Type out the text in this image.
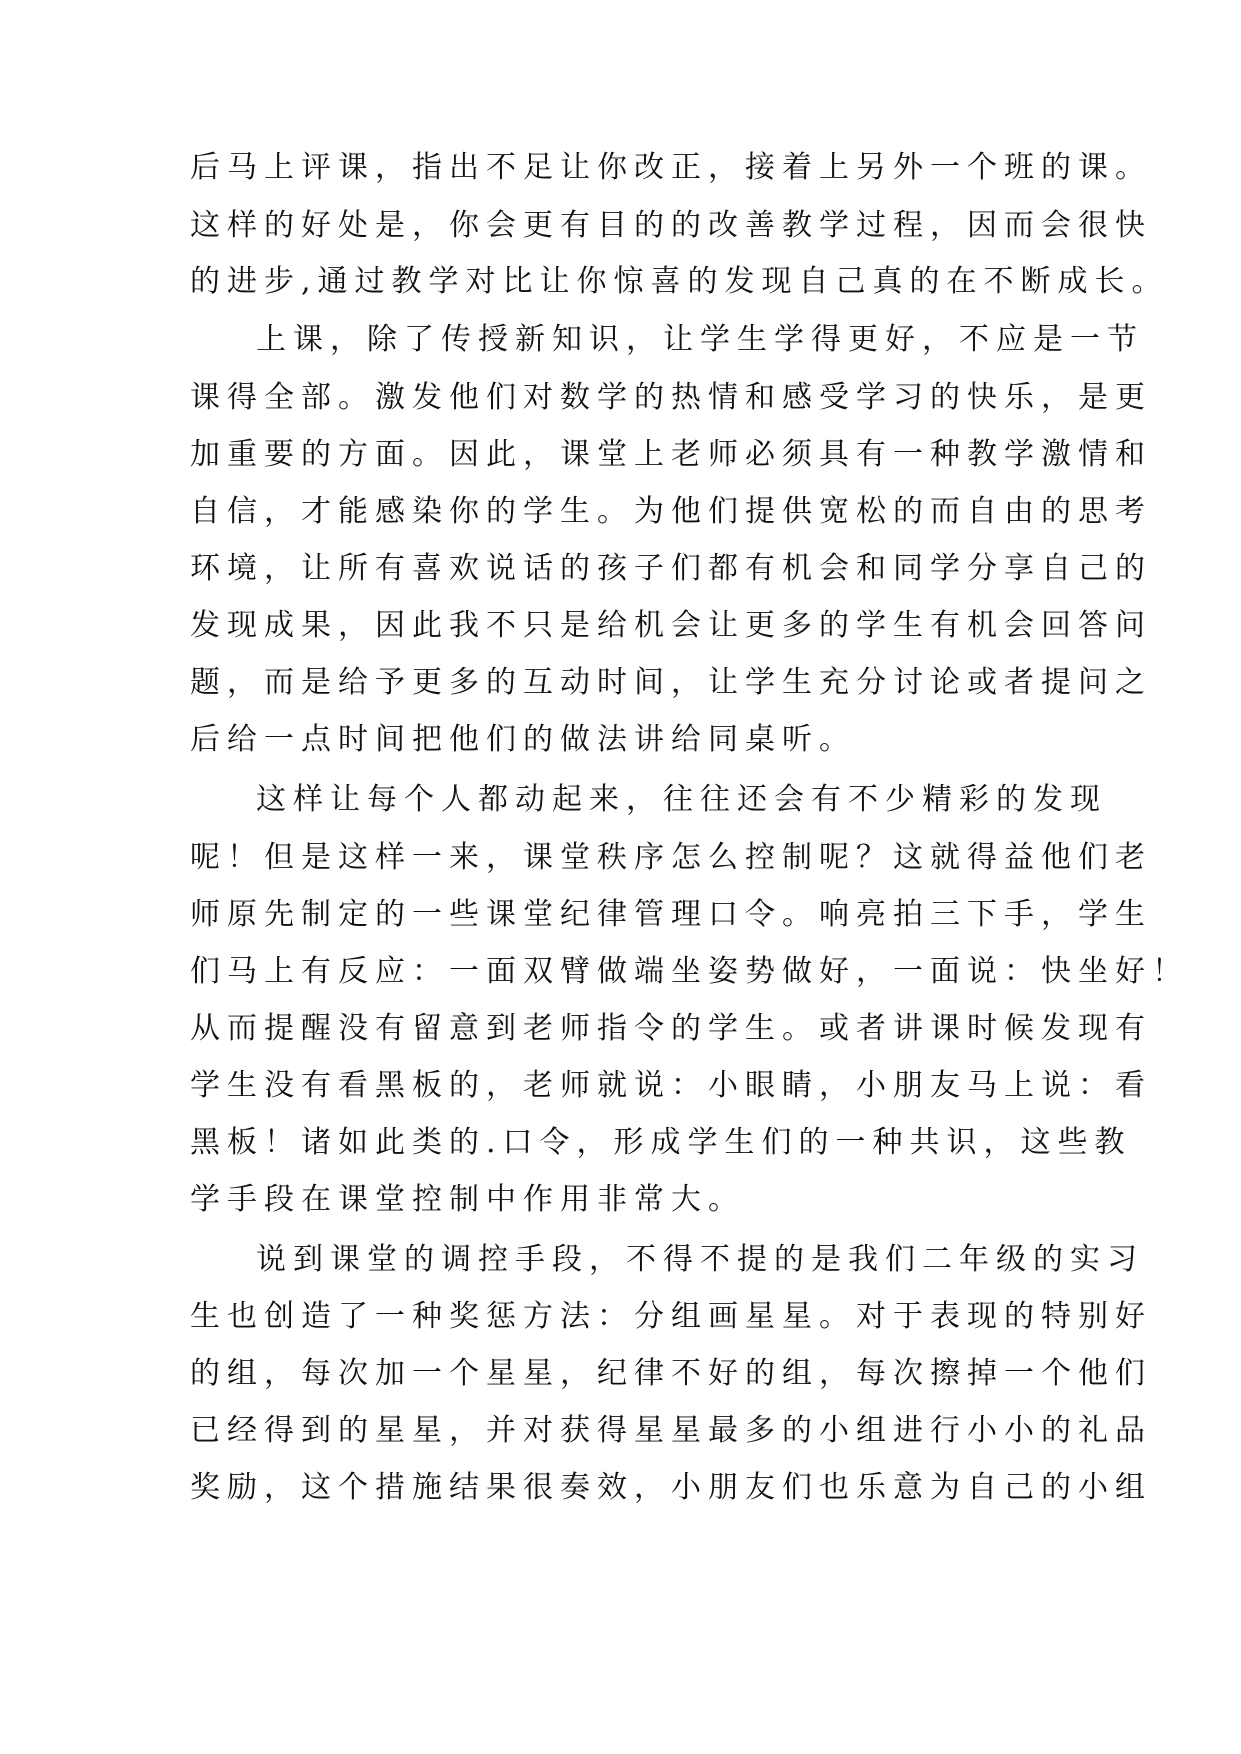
后马上评课，指出不足让你改正，接着上另外一个班的课。
这样的好处是，你会更有目的的改善教学过程，因而会很快
的进步,通过教学对比让你惊喜的发现自己真的在不断成长。
上课，除了传授新知识，让学生学得更好，不应是一节
课得全部。激发他们对数学的热情和感受学习的快乐，是更
加重要的方面。因此，课堂上老师必须具有一种教学激情和
自信，才能感染你的学生。为他们提供宽松的而自由的思考
环境，让所有喜欢说话的孩子们都有机会和同学分享自己的
发现成果，因此我不只是给机会让更多的学生有机会回答问
题，而是给予更多的互动时间，让学生充分讨论或者提问之
后给一点时间把他们的做法讲给同桌听。
这样让每个人都动起来，往往还会有不少精彩的发现
呢！但是这样一来，课堂秩序怎么控制呢？这就得益他们老
师原先制定的一些课堂纪律管理口令。响亮拍三下手，学生
们马上有反应：一面双臂做端坐姿势做好，一面说：快坐好！
从而提醒没有留意到老师指令的学生。或者讲课时候发现有
学生没有看黑板的，老师就说：小眼睛，小朋友马上说：看
黑板！诸如此类的.口令，形成学生们的一种共识，这些教
学手段在课堂控制中作用非常大。
说到课堂的调控手段，不得不提的是我们二年级的实习
生也创造了一种奖惩方法：分组画星星。对于表现的特别好
的组，每次加一个星星，纪律不好的组，每次擦掉一个他们
已经得到的星星，并对获得星星最多的小组进行小小的礼品
奖励，这个措施结果很奏效，小朋友们也乐意为自己的小组
